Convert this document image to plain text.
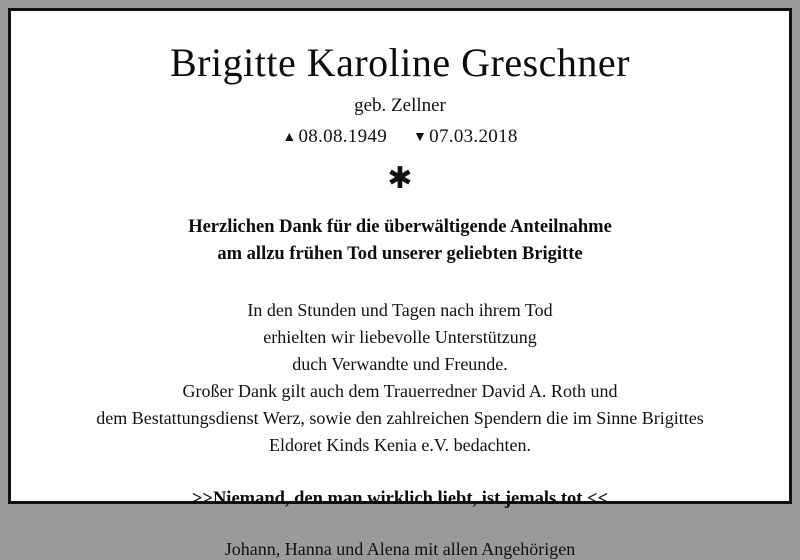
Brigitte Karoline Greschner
geb. Zellner
▲ 08.08.1949 ▼ 07.03.2018
✱
Herzlichen Dank für die überwältigende Anteilnahme
am allzu frühen Tod unserer geliebten Brigitte
In den Stunden und Tagen nach ihrem Tod
erhielten wir liebevolle Unterstützung
duch Verwandte und Freunde.
Großer Dank gilt auch dem Trauerredner David A. Roth und
dem Bestattungsdienst Werz, sowie den zahlreichen Spendern die im Sinne Brigittes
Eldoret Kinds Kenia e.V. bedachten.
>>Niemand, den man wirklich liebt, ist jemals tot.<<
Johann, Hanna und Alena mit allen Angehörigen
